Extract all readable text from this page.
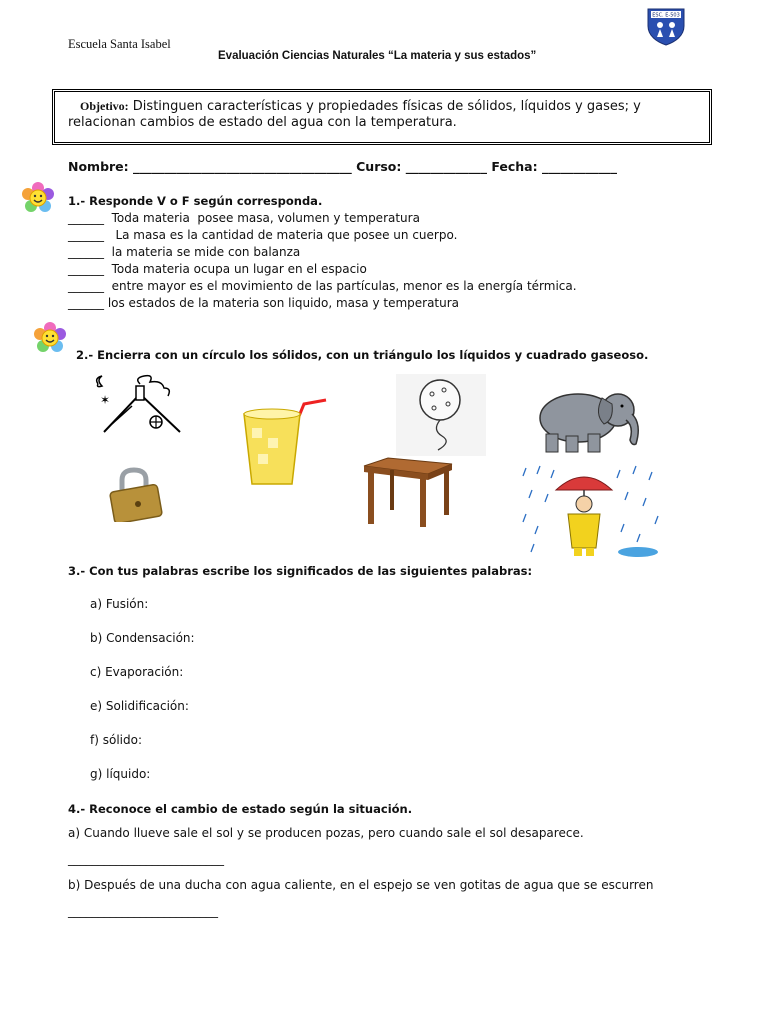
Escuela Santa Isabel
Evaluación Ciencias Naturales “La materia y sus estados”
ESC. E-503
Objetivo: Distinguen características y propiedades físicas de sólidos, líquidos y gases; y relacionan cambios de estado del agua con la temperatura.
Nombre: ___________________________________ Curso: _____________ Fecha: ____________
1.- Responde V o F según corresponda.
______  Toda materia  posee masa, volumen y temperatura
______   La masa es la cantidad de materia que posee un cuerpo.
______  la materia se mide con balanza
______  Toda materia ocupa un lugar en el espacio
______  entre mayor es el movimiento de las partículas, menor es la energía térmica.
______ los estados de la materia son liquido, masa y temperatura
2.- Encierra con un círculo los sólidos, con un triángulo los líquidos y cuadrado gaseoso.
✶
3.- Con tus palabras escribe los significados de las siguientes palabras:
a) Fusión:
b) Condensación:
c) Evaporación:
e) Solidificación:
f) sólido:
g) líquido:
4.- Reconoce el cambio de estado según la situación.
a) Cuando llueve sale el sol y se producen pozas, pero cuando sale el sol desaparece.
__________________________
b) Después de una ducha con agua caliente, en el espejo se ven gotitas de agua que se escurren
_________________________
